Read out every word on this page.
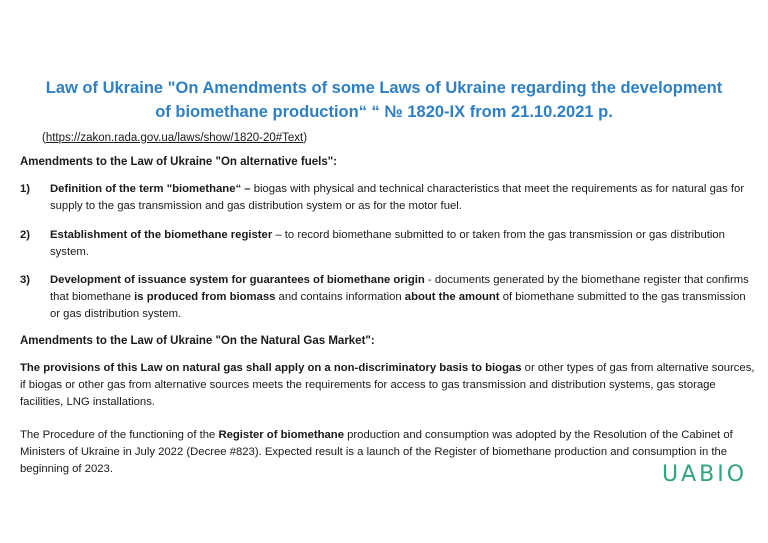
Law of Ukraine "On Amendments of some Laws of Ukraine regarding the development
of biomethane production“ “ № 1820-IX from 21.10.2021 р.
(https://zakon.rada.gov.ua/laws/show/1820-20#Text)
Amendments to the Law of Ukraine "On alternative fuels":
1) Definition of the term "biomethane“ – biogas with physical and technical characteristics that meet the requirements as for natural gas for supply to the gas transmission and gas distribution system or as for the motor fuel.
2) Establishment of the biomethane register – to record biomethane submitted to or taken from the gas transmission or gas distribution system.
3) Development of issuance system for guarantees of biomethane origin - documents generated by the biomethane register that confirms that biomethane is produced from biomass and contains information about the amount of biomethane submitted to the gas transmission or gas distribution system.
Amendments to the Law of Ukraine "On the Natural Gas Market":
The provisions of this Law on natural gas shall apply on a non-discriminatory basis to biogas or other types of gas from alternative sources, if biogas or other gas from alternative sources meets the requirements for access to gas transmission and distribution systems, gas storage facilities, LNG installations.
The Procedure of the functioning of the Register of biomethane production and consumption was adopted by the Resolution of the Cabinet of Ministers of Ukraine in July 2022 (Decree #823). Expected result is a launch of the Register of biomethane production and consumption in the beginning of 2023.	UABIO
